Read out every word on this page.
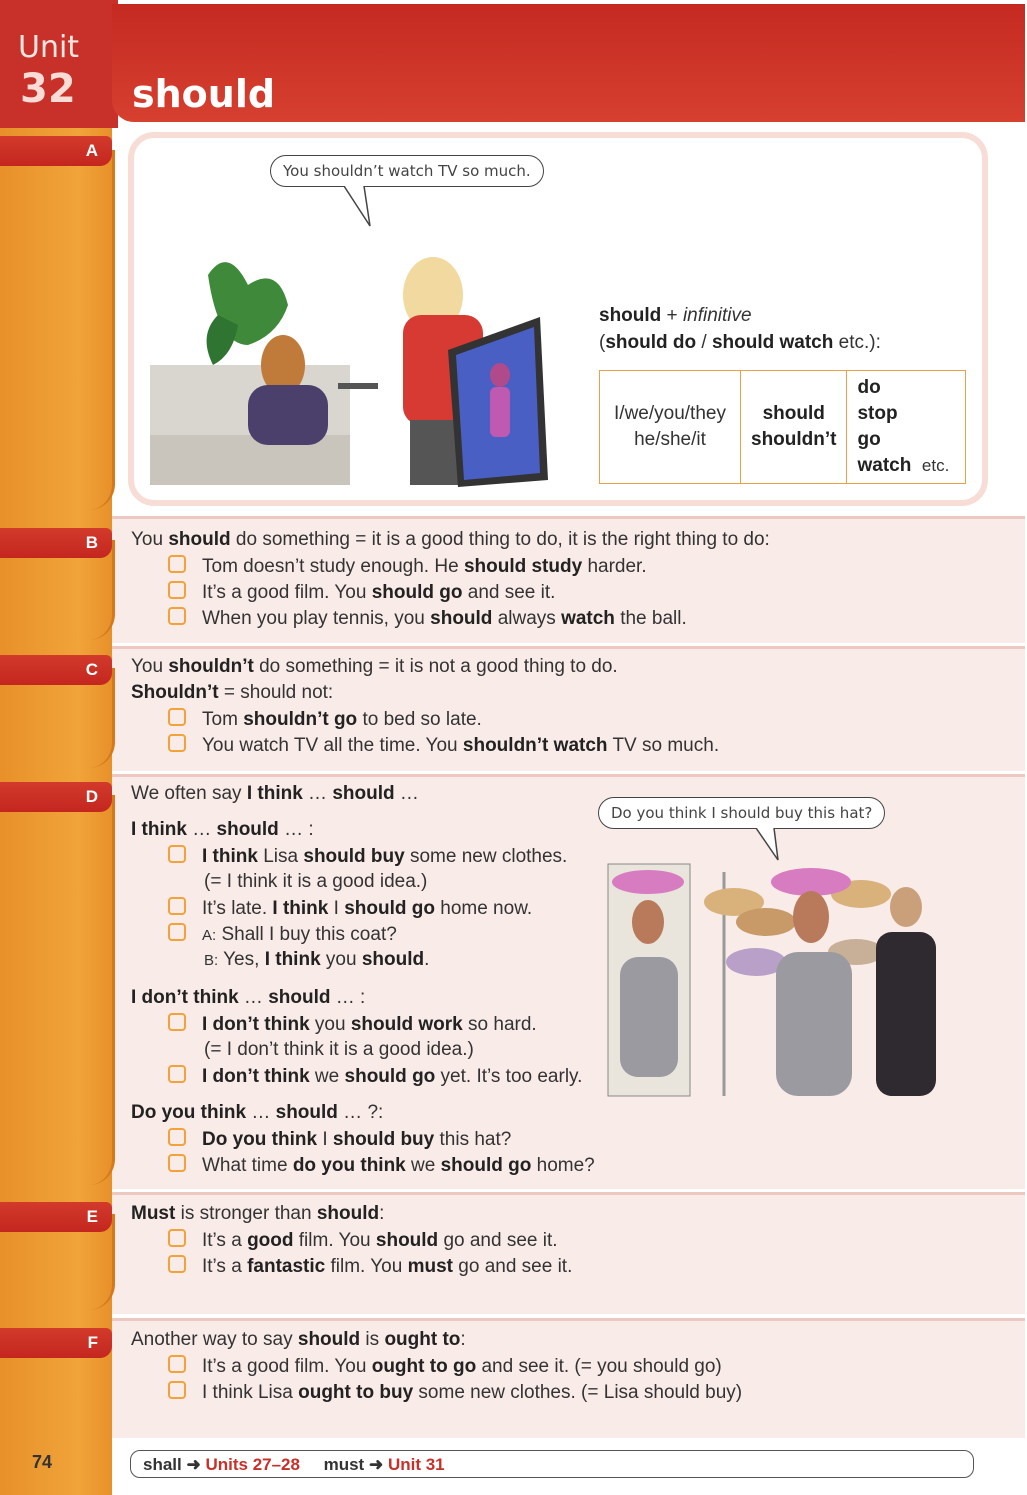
Unit
32 should
A
B
C
D
E
F
You shouldn’t watch TV so much.
should + infinitive
(should do / should watch etc.):
I/we/you/they
he/she/it

should
shouldn’t

do
stop
go
watch etc.
You should do something = it is a good thing to do, it is the right thing to do:
Tom doesn’t study enough. He should study harder.
It’s a good film. You should go and see it.
When you play tennis, you should always watch the ball.
You shouldn’t do something = it is not a good thing to do.
Shouldn’t = should not:
Tom shouldn’t go to bed so late.
You watch TV all the time. You shouldn’t watch TV so much.
We often say I think … should …
I think … should … :
I think Lisa should buy some new clothes.
(= I think it is a good idea.)
It’s late. I think I should go home now.
A: Shall I buy this coat?
B: Yes, I think you should.
I don’t think … should … :
I don’t think you should work so hard.
(= I don’t think it is a good idea.)
I don’t think we should go yet. It’s too early.
Do you think … should … ?:
Do you think I should buy this hat?
What time do you think we should go home?
Do you think I should buy this hat?
Must is stronger than should:
It’s a good film. You should go and see it.
It’s a fantastic film. You must go and see it.
Another way to say should is ought to:
It’s a good film. You ought to go and see it. (= you should go)
I think Lisa ought to buy some new clothes. (= Lisa should buy)
74	shall ➜ Units 27–28 must ➜ Unit 31
